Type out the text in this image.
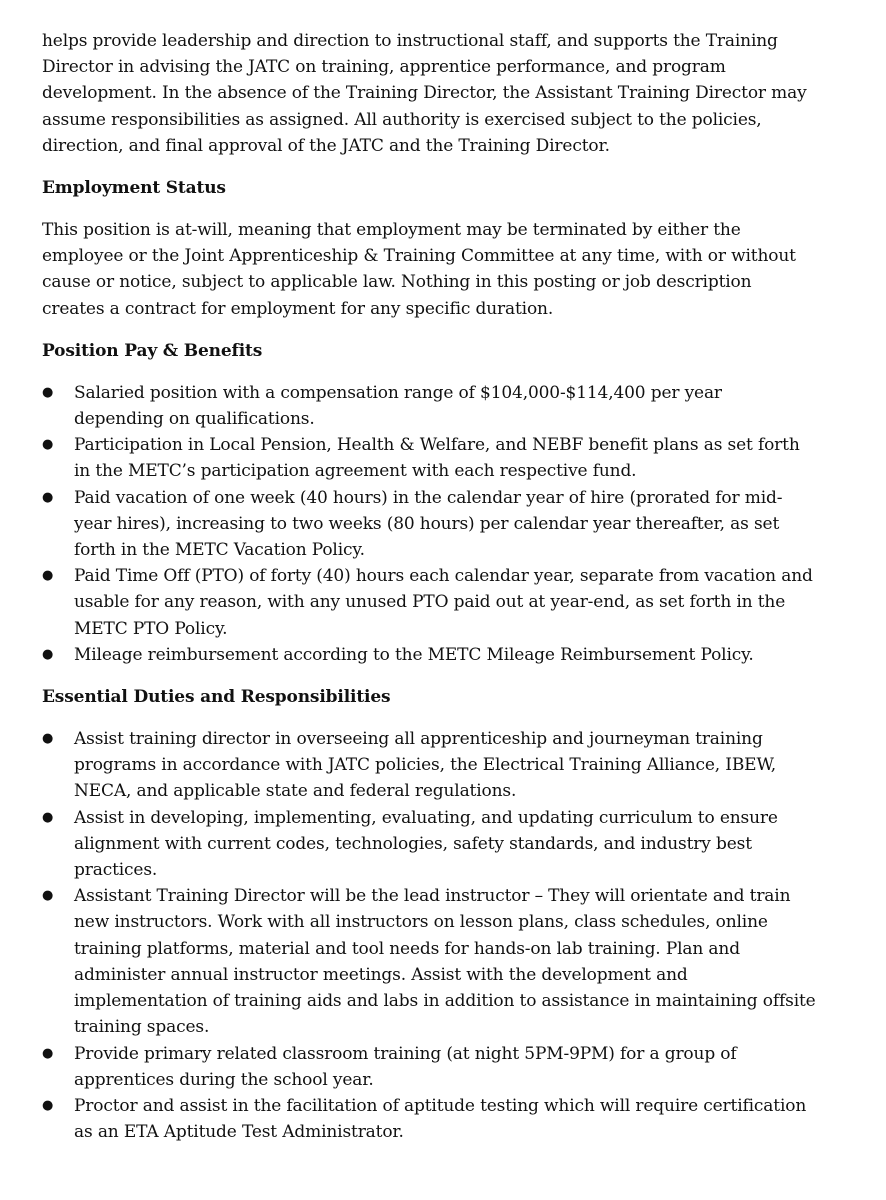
helps provide leadership and direction to instructional staff, and supports the Training Director in advising the JATC on training, apprentice performance, and program development. In the absence of the Training Director, the Assistant Training Director may assume responsibilities as assigned. All authority is exercised subject to the policies, direction, and final approval of the JATC and the Training Director.

Employment Status

This position is at-will, meaning that employment may be terminated by either the employee or the Joint Apprenticeship & Training Committee at any time, with or without cause or notice, subject to applicable law. Nothing in this posting or job description creates a contract for employment for any specific duration.

Position Pay & Benefits
● Salaried position with a compensation range of $104,000-$114,400 per year depending on qualifications.
● Participation in Local Pension, Health & Welfare, and NEBF benefit plans as set forth in the METC’s participation agreement with each respective fund.
● Paid vacation of one week (40 hours) in the calendar year of hire (prorated for mid-year hires), increasing to two weeks (80 hours) per calendar year thereafter, as set forth in the METC Vacation Policy.
● Paid Time Off (PTO) of forty (40) hours each calendar year, separate from vacation and usable for any reason, with any unused PTO paid out at year-end, as set forth in the METC PTO Policy.
● Mileage reimbursement according to the METC Mileage Reimbursement Policy.
Essential Duties and Responsibilities
● Assist training director in overseeing all apprenticeship and journeyman training programs in accordance with JATC policies, the Electrical Training Alliance, IBEW, NECA, and applicable state and federal regulations.
● Assist in developing, implementing, evaluating, and updating curriculum to ensure alignment with current codes, technologies, safety standards, and industry best practices.
● Assistant Training Director will be the lead instructor – They will orientate and train new instructors. Work with all instructors on lesson plans, class schedules, online training platforms, material and tool needs for hands-on lab training. Plan and administer annual instructor meetings. Assist with the development and implementation of training aids and labs in addition to assistance in maintaining offsite training spaces.
● Provide primary related classroom training (at night 5PM-9PM) for a group of apprentices during the school year.
● Proctor and assist in the facilitation of aptitude testing which will require certification as an ETA Aptitude Test Administrator.
